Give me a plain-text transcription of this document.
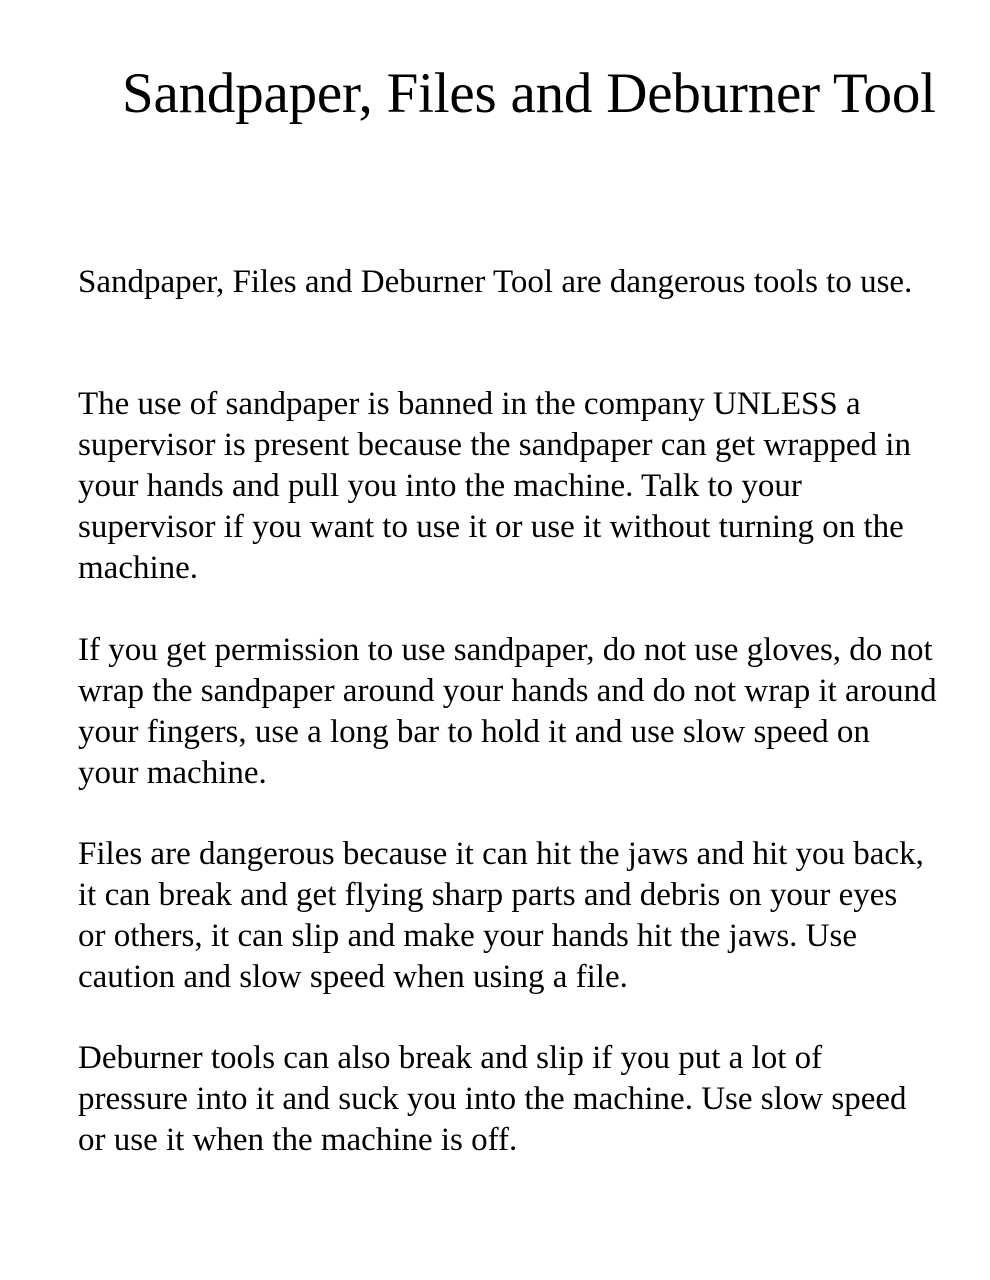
Sandpaper, Files and Deburner Tool

Sandpaper, Files and Deburner Tool are dangerous tools to use.

The use of sandpaper is banned in the company UNLESS a supervisor is present because the sandpaper can get wrapped in your hands and pull you into the machine. Talk to your supervisor if you want to use it or use it without turning on the machine.

If you get permission to use sandpaper, do not use gloves, do not wrap the sandpaper around your hands and do not wrap it around your fingers, use a long bar to hold it and use slow speed on your machine.

Files are dangerous because it can hit the jaws and hit you back, it can break and get flying sharp parts and debris on your eyes  or others, it can slip and make your hands hit the jaws. Use caution and slow speed when using a file.

Deburner tools can also break and slip if you put a lot of pressure into it and suck you into the machine. Use slow speed or use it when the machine is off.
